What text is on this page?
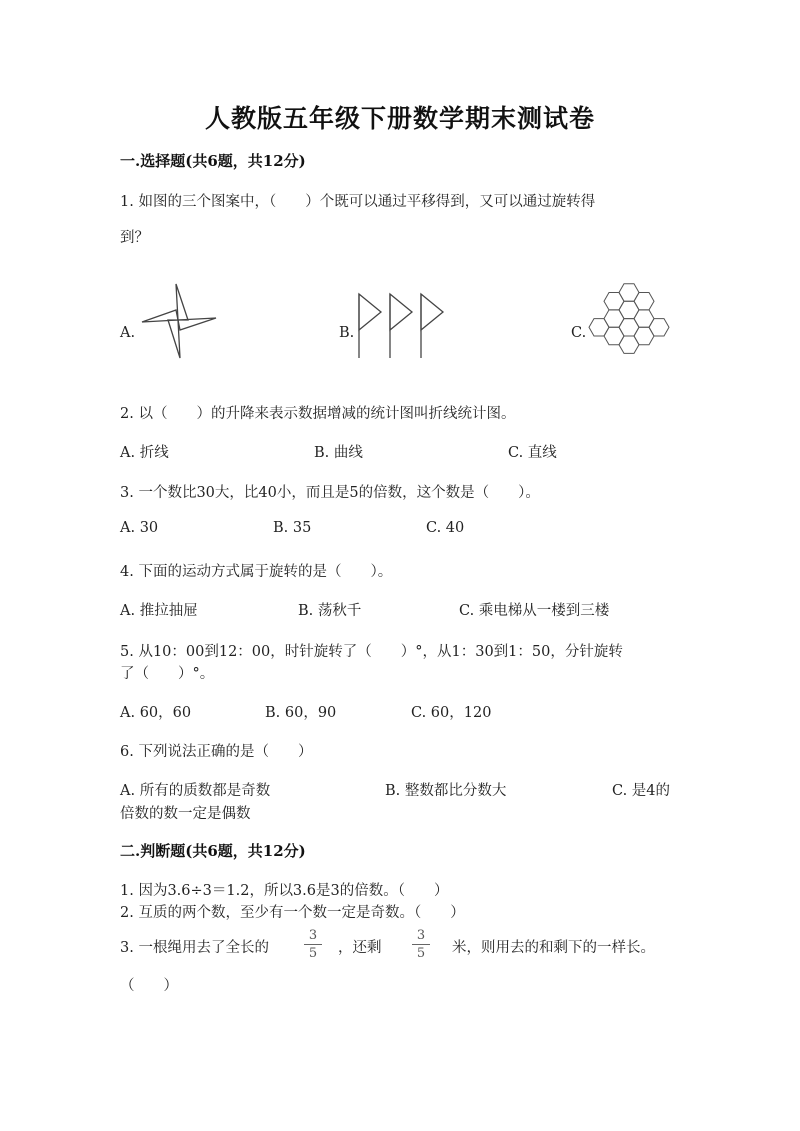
人教版五年级下册数学期末测试卷
一.选择题(共6题，共12分)
1. 如图的三个图案中，（　　）个既可以通过平移得到，又可以通过旋转得
到？
A.	B.	C.
2. 以（　　）的升降来表示数据增减的统计图叫折线统计图。
A. 折线	B. 曲线	C. 直线
3. 一个数比30大，比40小，而且是5的倍数，这个数是（　　）。
A. 30	B. 35	C. 40
4. 下面的运动方式属于旋转的是（　　）。
A. 推拉抽屉	B. 荡秋千	C. 乘电梯从一楼到三楼
5. 从10：00到12：00，时针旋转了（　　）°，从1：30到1：50，分针旋转
了（　　）°。
A. 60，60	B. 60，90	C. 60，120
6. 下列说法正确的是（　　）
A. 所有的质数都是奇数	B. 整数都比分数大	C. 是4的
倍数的数一定是偶数
二.判断题(共6题，共12分)
1. 因为3.6÷3＝1.2，所以3.6是3的倍数。（　　）
2. 互质的两个数，至少有一个数一定是奇数。（　　）
3. 一根绳用去了全长的
3
5	，还剩
3
5	米，则用去的和剩下的一样长。
（　　）
